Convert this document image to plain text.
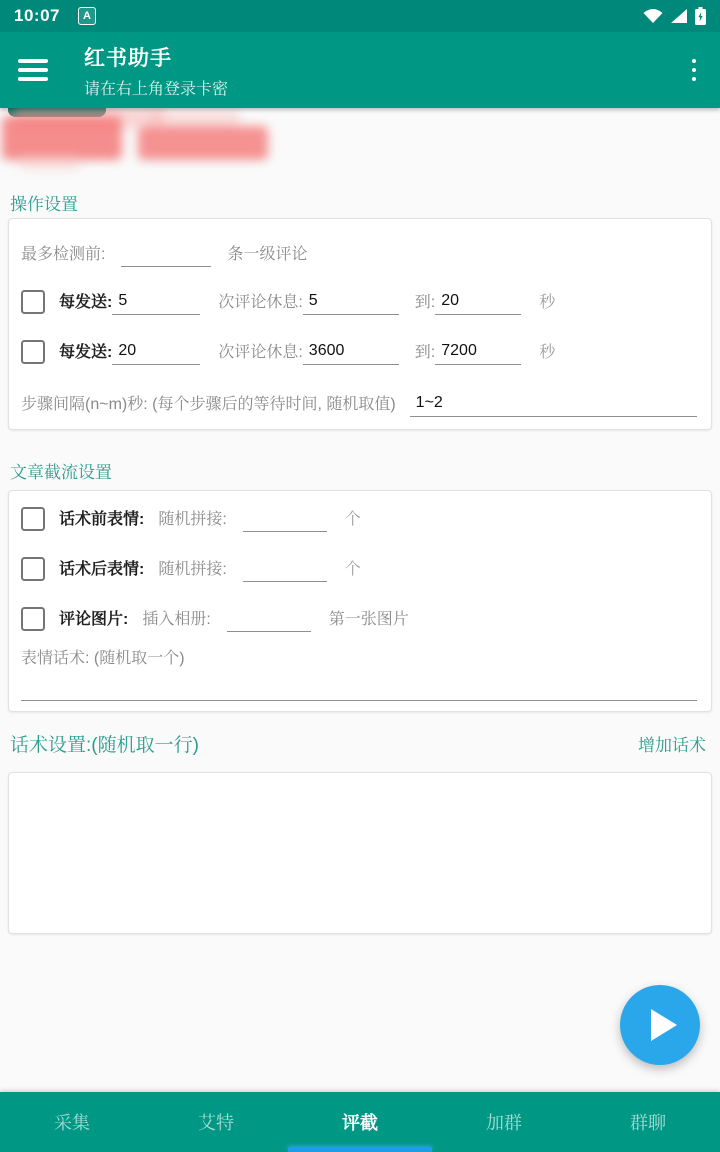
10:07	A
红书助手
请在右上角登录卡密
操作设置
最多检测前:	条一级评论
每发送: 5	次评论休息: 5	到: 20	秒
每发送: 20	次评论休息: 3600	到: 7200	秒
步骤间隔(n~m)秒: (每个步骤后的等待时间, 随机取值)	1~2
文章截流设置
话术前表情: 随机拼接:	个
话术后表情: 随机拼接:	个
评论图片: 插入相册:	第一张图片
表情话术: (随机取一个)
话术设置:(随机取一行)	增加话术
采集	艾特	评截	加群	群聊
